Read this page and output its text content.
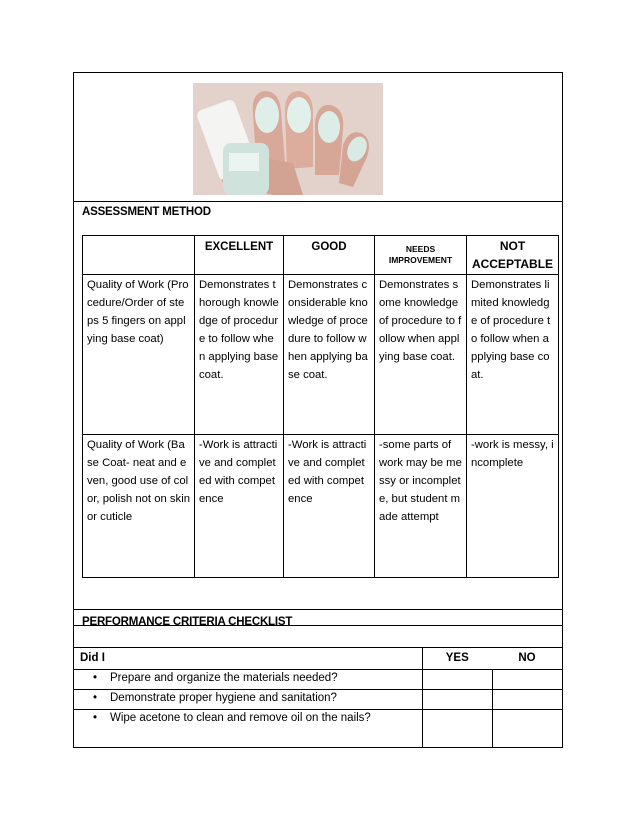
ASSESSMENT METHOD
	EXCELLENT	GOOD	NEEDS IMPROVEMENT	NOT ACCEPTABLE
Quality of Work (Procedure/Order of steps 5 fingers on applying base coat)	Demonstrates thorough knowledge of procedure to follow when applying base coat.	Demonstrates considerable knowledge of procedure to follow when applying base coat.	Demonstrates some knowledge of procedure to follow when applying base coat.	Demonstrates limited knowledge of procedure to follow when applying base coat.
Quality of Work (Base Coat- neat and even, good use of color, polish not on skin or cuticle	-Work is attractive and completed with competence	-Work is attractive and completed with competence	-some parts of work may be messy or incomplete, but student made attempt	-work is messy, incomplete
PERFORMANCE CRITERIA CHECKLIST
Did I	YES	NO

• Prepare and organize the materials needed?		

• Demonstrate proper hygiene and sanitation?		

• Wipe acetone to clean and remove oil on the nails?		
